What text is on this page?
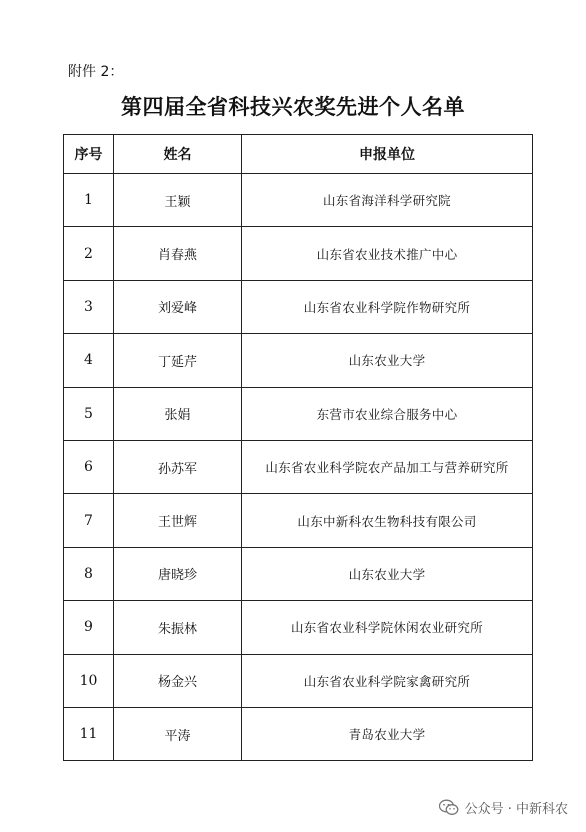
附件 2：
第四届全省科技兴农奖先进个人名单
序号	姓名	申报单位
1	王颖	山东省海洋科学研究院
2	肖春燕	山东省农业技术推广中心
3	刘爱峰	山东省农业科学院作物研究所
4	丁延芹	山东农业大学
5	张娟	东营市农业综合服务中心
6	孙苏军	山东省农业科学院农产品加工与营养研究所
7	王世辉	山东中新科农生物科技有限公司
8	唐晓珍	山东农业大学
9	朱振林	山东省农业科学院休闲农业研究所
10	杨金兴	山东省农业科学院家禽研究所
11	平涛	青岛农业大学
公众号 · 中新科农
